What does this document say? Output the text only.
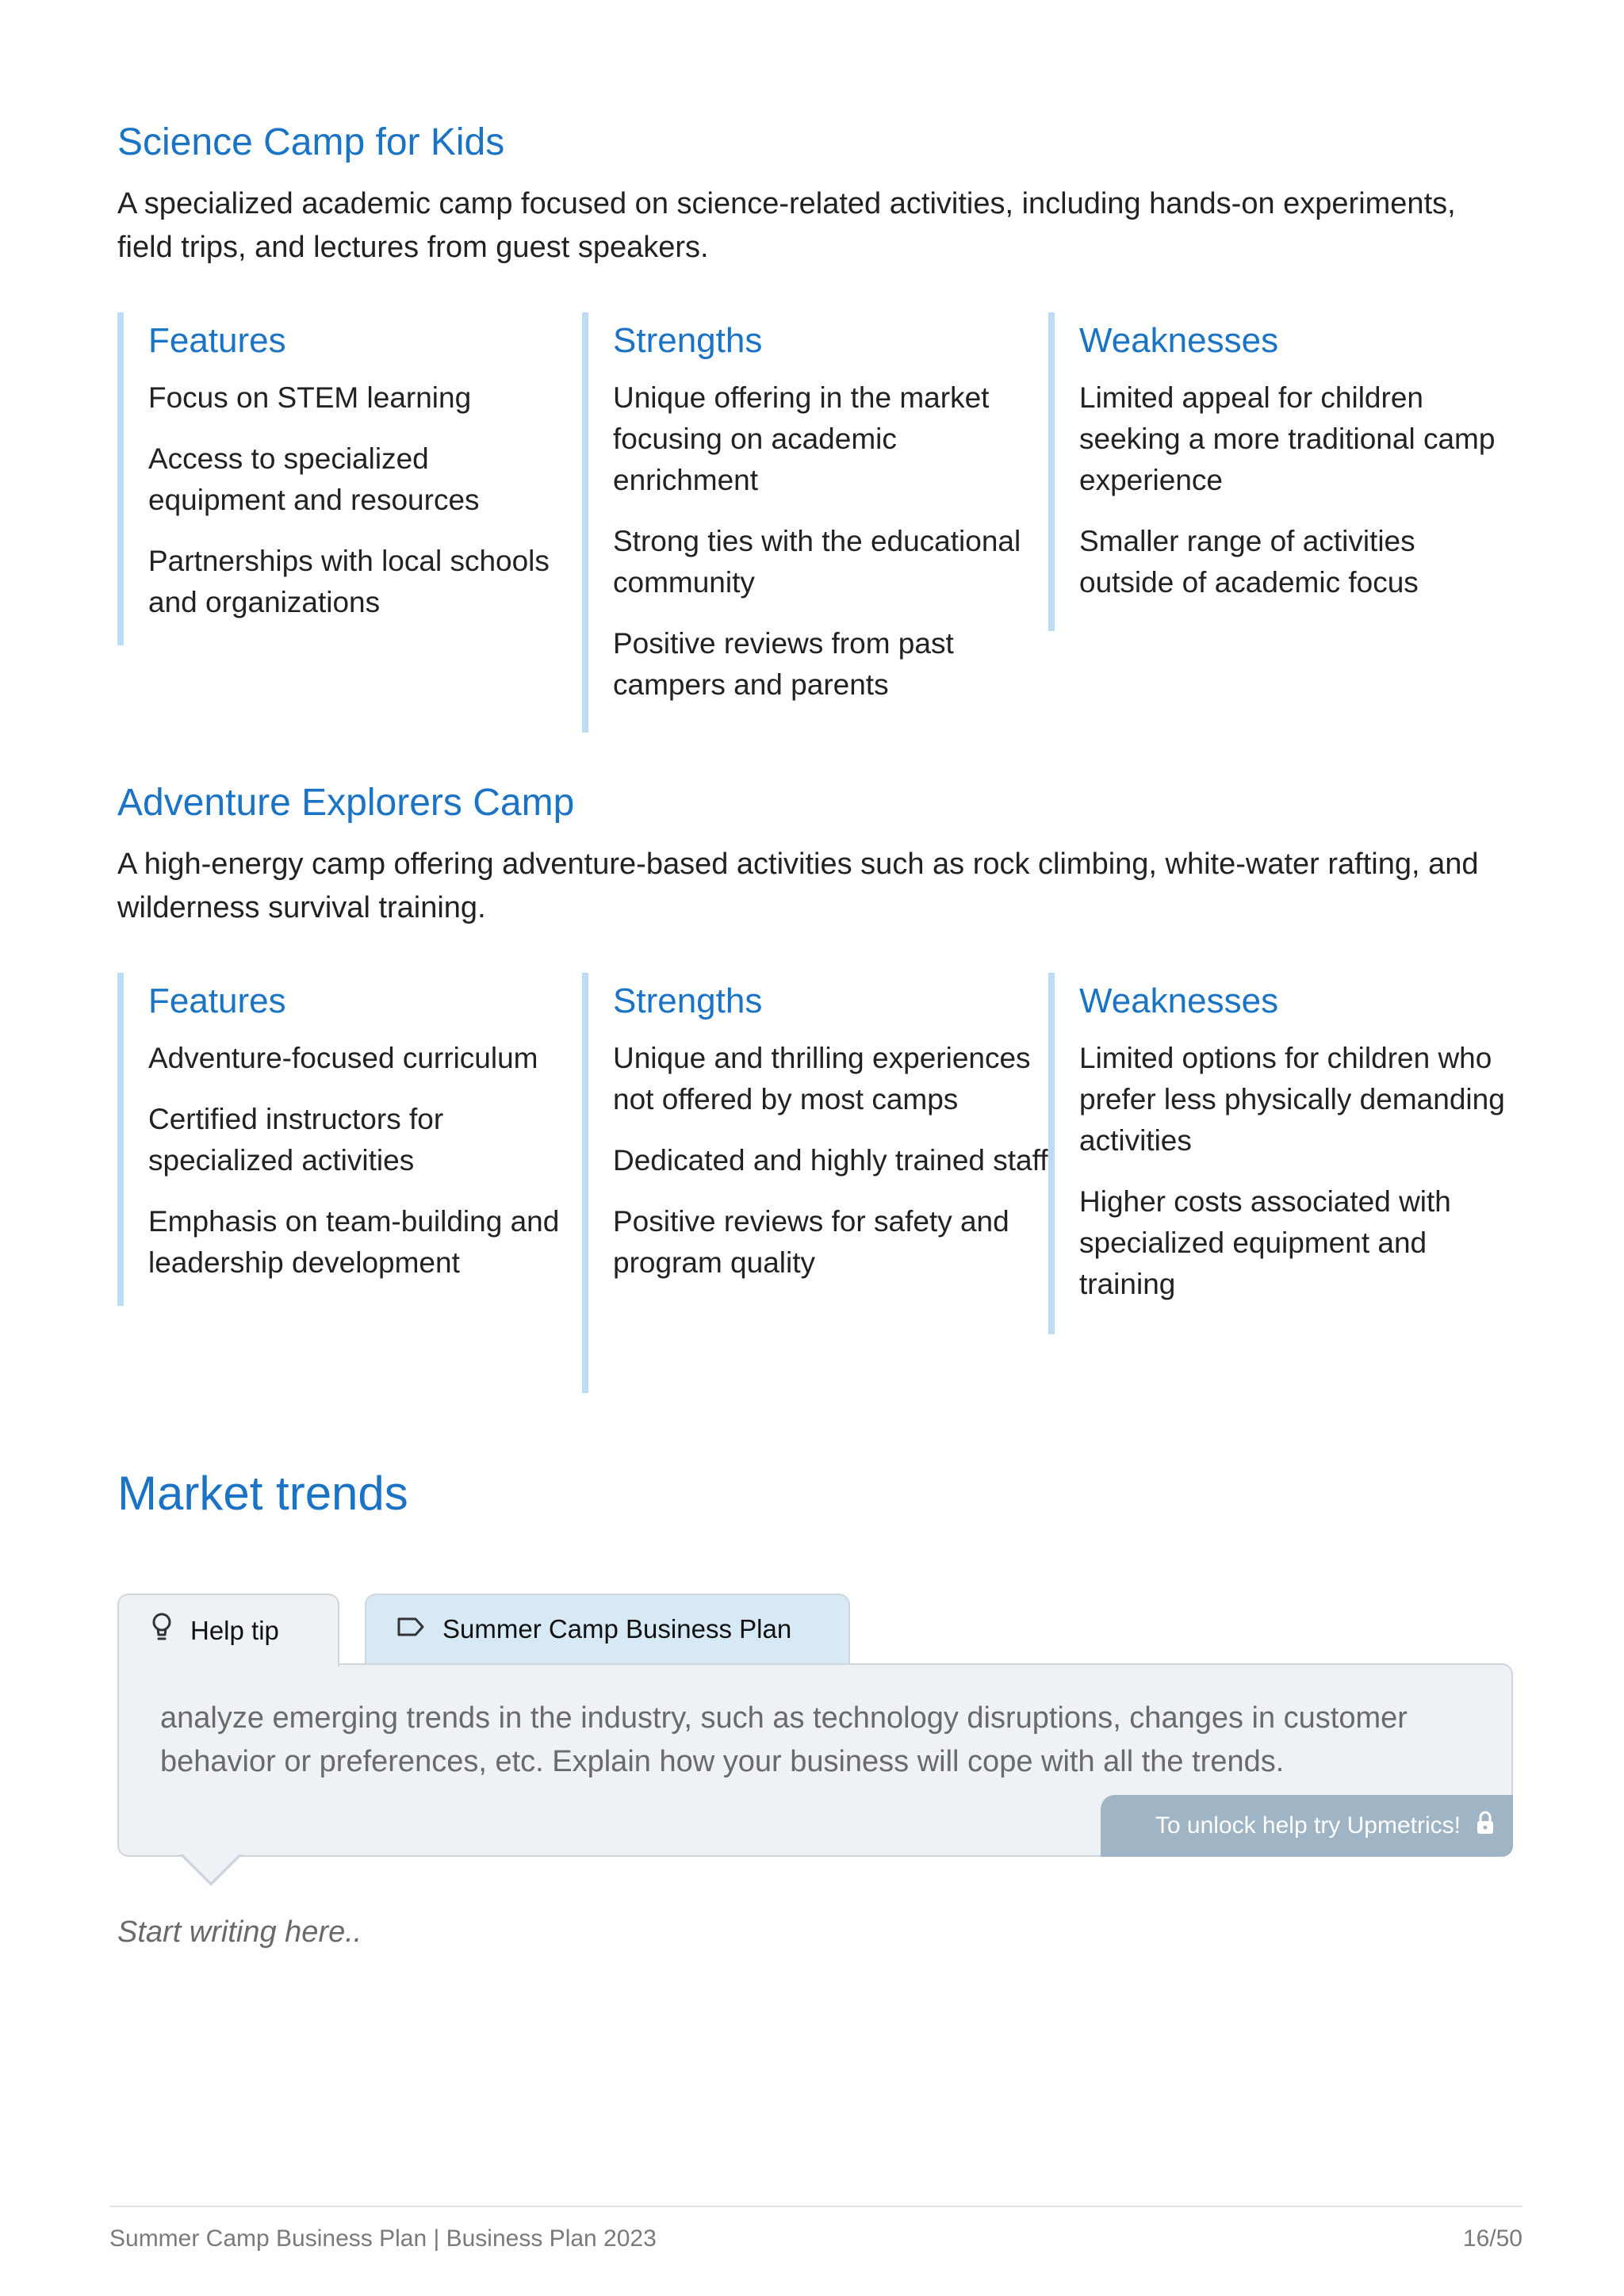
Science Camp for Kids

A specialized academic camp focused on science-related activities, including hands-on experiments, field trips, and lectures from guest speakers.

Features
Focus on STEM learning
Access to specialized equipment and resources
Partnerships with local schools and organizations
Strengths
Unique offering in the market focusing on academic enrichment
Strong ties with the educational community
Positive reviews from past campers and parents
Weaknesses
Limited appeal for children seeking a more traditional camp experience
Smaller range of activities outside of academic focus
Adventure Explorers Camp

A high-energy camp offering adventure-based activities such as rock climbing, white-water rafting, and wilderness survival training.

Features
Adventure-focused curriculum
Certified instructors for specialized activities
Emphasis on team-building and leadership development
Strengths
Unique and thrilling experiences not offered by most camps
Dedicated and highly trained staff
Positive reviews for safety and program quality
Weaknesses
Limited options for children who prefer less physically demanding activities
Higher costs associated with specialized equipment and training
Market trends
Summer Camp Business Plan
Help tip

analyze emerging trends in the industry, such as technology disruptions, changes in customer behavior or preferences, etc. Explain how your business will cope with all the trends.

To unlock help try Upmetrics!

Start writing here..

Summer Camp Business Plan | Business Plan 2023	16/50
